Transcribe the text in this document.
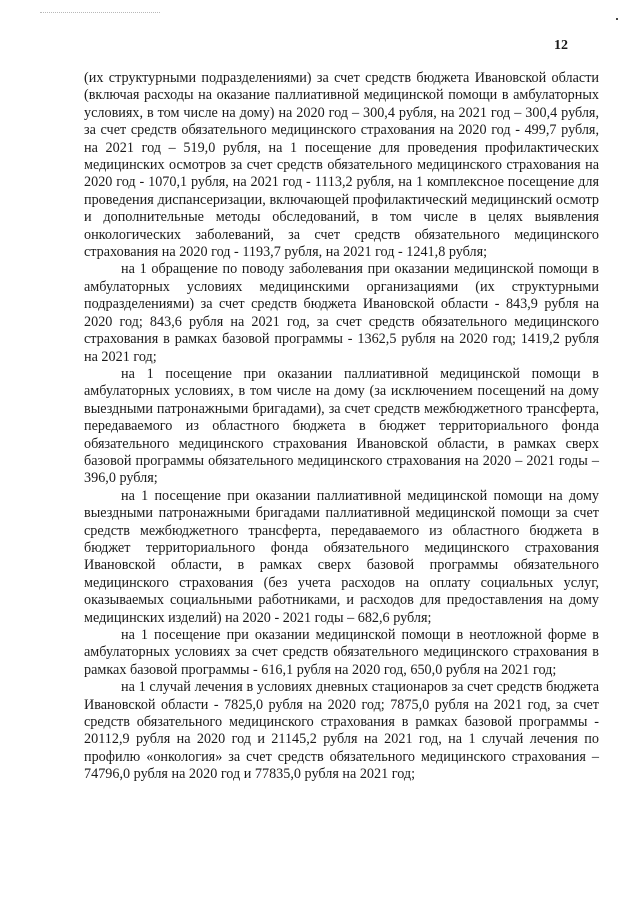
12

(их структурными подразделениями) за счет средств бюджета Ивановской области (включая расходы на оказание паллиативной медицинской помощи в амбулаторных условиях, в том числе на дому) на 2020 год – 300,4 рубля, на 2021 год – 300,4 рубля, за счет средств обязательного медицинского страхования на 2020 год - 499,7 рубля, на 2021 год – 519,0 рубля, на 1 посещение для проведения профилактических медицинских осмотров за счет средств обязательного медицинского страхования на 2020 год - 1070,1 рубля, на 2021 год - 1113,2 рубля, на 1 комплексное посещение для проведения диспансеризации, включающей профилактический медицинский осмотр и дополнительные методы обследований, в том числе в целях выявления онкологических заболеваний, за счет средств обязательного медицинского страхования на 2020 год - 1193,7 рубля, на 2021 год - 1241,8 рубля;

на 1 обращение по поводу заболевания при оказании медицинской помощи в амбулаторных условиях медицинскими организациями (их структурными подразделениями) за счет средств бюджета Ивановской области - 843,9 рубля на 2020 год; 843,6 рубля на 2021 год, за счет средств обязательного медицинского страхования в рамках базовой программы - 1362,5 рубля на 2020 год; 1419,2 рубля на 2021 год;

на 1 посещение при оказании паллиативной медицинской помощи в амбулаторных условиях, в том числе на дому (за исключением посещений на дому выездными патронажными бригадами), за счет средств межбюджетного трансферта, передаваемого из областного бюджета в бюджет территориального фонда обязательного медицинского страхования Ивановской области, в рамках сверх базовой программы обязательного медицинского страхования на 2020 – 2021 годы – 396,0 рубля;

на 1 посещение при оказании паллиативной медицинской помощи на дому выездными патронажными бригадами паллиативной медицинской помощи за счет средств межбюджетного трансферта, передаваемого из областного бюджета в бюджет территориального фонда обязательного медицинского страхования Ивановской области, в рамках сверх базовой программы обязательного медицинского страхования (без учета расходов на оплату социальных услуг, оказываемых социальными работниками, и расходов для предоставления на дому медицинских изделий) на 2020 - 2021 годы – 682,6 рубля;

на 1 посещение при оказании медицинской помощи в неотложной форме в амбулаторных условиях за счет средств обязательного медицинского страхования в рамках базовой программы - 616,1 рубля на 2020 год, 650,0 рубля на 2021 год;

на 1 случай лечения в условиях дневных стационаров за счет средств бюджета Ивановской области - 7825,0 рубля на 2020 год; 7875,0 рубля на 2021 год, за счет средств обязательного медицинского страхования в рамках базовой программы - 20112,9 рубля на 2020 год и 21145,2 рубля на 2021 год, на 1 случай лечения по профилю «онкология» за счет средств обязательного медицинского страхования – 74796,0 рубля на 2020 год и 77835,0 рубля на 2021 год;
